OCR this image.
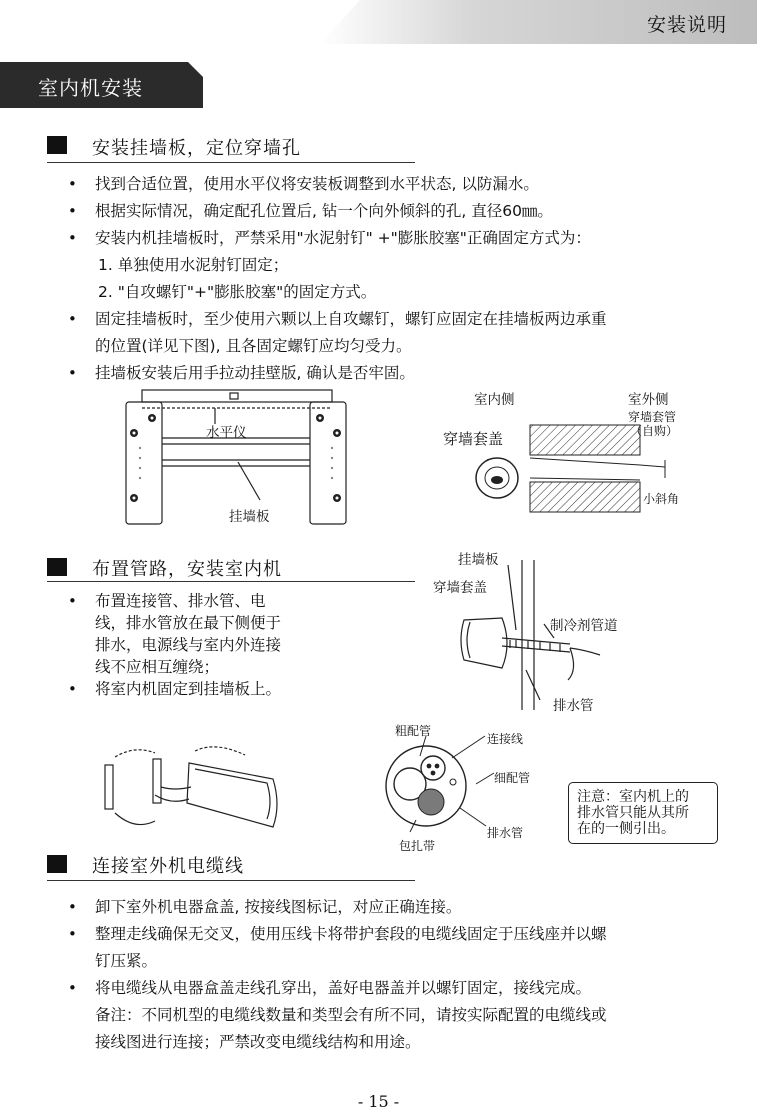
安装说明
室内机安装
安装挂墙板，定位穿墙孔
• 找到合适位置，使用水平仪将安装板调整到水平状态, 以防漏水。
• 根据实际情况，确定配孔位置后, 钻一个向外倾斜的孔, 直径60㎜。
• 安装内机挂墙板时，严禁采用"水泥射钉" +"膨胀胶塞"正确固定方式为：
1. 单独使用水泥射钉固定；
2. "自攻螺钉"+"膨胀胶塞"的固定方式。
• 固定挂墙板时，至少使用六颗以上自攻螺钉，螺钉应固定在挂墙板两边承重
的位置(详见下图), 且各固定螺钉应均匀受力。
• 挂墙板安装后用手拉动挂壁版, 确认是否牢固。
水平仪
挂墙板
室内侧	室外侧
穿墙套管
（自购）
穿墙套盖
小斜角
布置管路，安装室内机
• 布置连接管、排水管、电
线，排水管放在最下侧便于
排水，电源线与室内外连接
线不应相互缠绕；
• 将室内机固定到挂墙板上。
挂墙板
穿墙套盖
制冷剂管道
排水管
粗配管
连接线
细配管
排水管
包扎带
注意：室内机上的
排水管只能从其所
在的一侧引出。
连接室外机电缆线
• 卸下室外机电器盒盖, 按接线图标记，对应正确连接。
• 整理走线确保无交叉，使用压线卡将带护套段的电缆线固定于压线座并以螺
钉压紧。
• 将电缆线从电器盒盖走线孔穿出，盖好电器盖并以螺钉固定，接线完成。
备注：不同机型的电缆线数量和类型会有所不同，请按实际配置的电缆线或
接线图进行连接；严禁改变电缆线结构和用途。
- 15 -
